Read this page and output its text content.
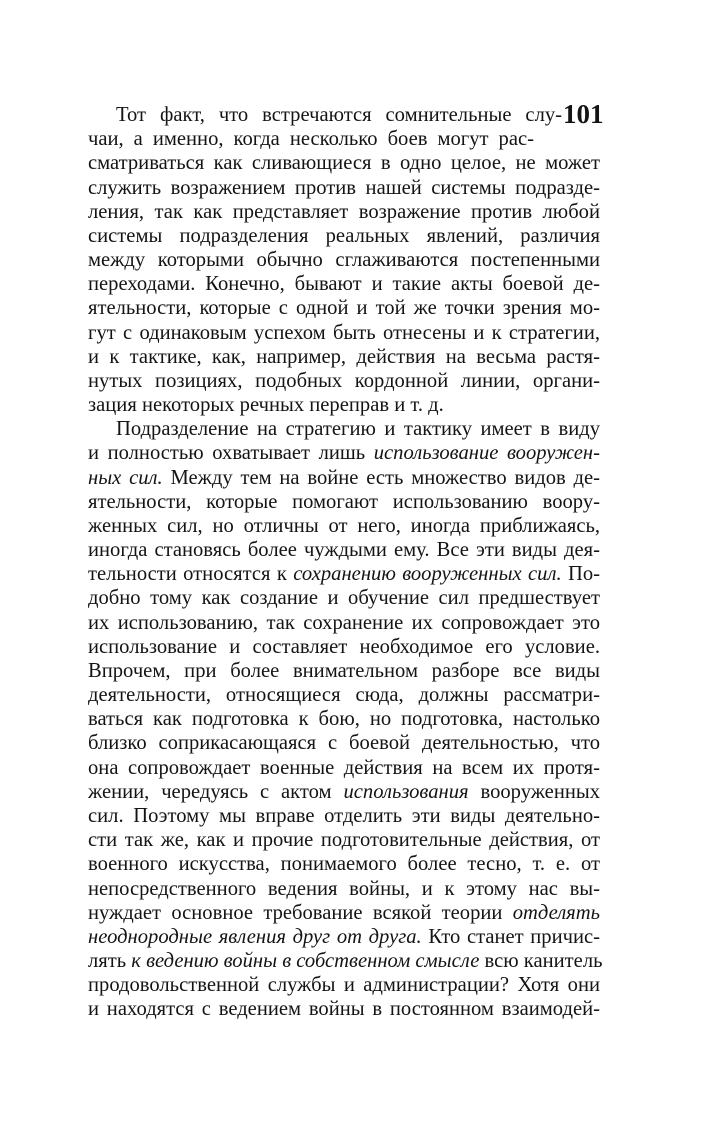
101
Тот факт, что встречаются сомнительные слу-
чаи, а именно, когда несколько боев могут рас-
сматриваться как сливающиеся в одно целое, не может
служить возражением против нашей системы подразде-
ления, так как представляет возражение против любой
системы подразделения реальных явлений, различия
между которыми обычно сглаживаются постепенными
переходами. Конечно, бывают и такие акты боевой де-
ятельности, которые с одной и той же точки зрения мо-
гут с одинаковым успехом быть отнесены и к стратегии,
и к тактике, как, например, действия на весьма растя-
нутых позициях, подобных кордонной линии, органи-
зация некоторых речных переправ и т. д.
Подразделение на стратегию и тактику имеет в виду
и полностью охватывает лишь использование вооружен-
ных сил. Между тем на войне есть множество видов де-
ятельности, которые помогают использованию воору-
женных сил, но отличны от него, иногда приближаясь,
иногда становясь более чуждыми ему. Все эти виды дея-
тельности относятся к сохранению вооруженных сил. По-
добно тому как создание и обучение сил предшествует
их использованию, так сохранение их сопровождает это
использование и составляет необходимое его условие.
Впрочем, при более внимательном разборе все виды
деятельности, относящиеся сюда, должны рассматри-
ваться как подготовка к бою, но подготовка, настолько
близко соприкасающаяся с боевой деятельностью, что
она сопровождает военные действия на всем их протя-
жении, чередуясь с актом использования вооруженных
сил. Поэтому мы вправе отделить эти виды деятельно-
сти так же, как и прочие подготовительные действия, от
военного искусства, понимаемого более тесно, т. е. от
непосредственного ведения войны, и к этому нас вы-
нуждает основное требование всякой теории отделять
неоднородные явления друг от друга. Кто станет причис-
лять к ведению войны в собственном смысле всю канитель
продовольственной службы и администрации? Хотя они
и находятся с ведением войны в постоянном взаимодей-
